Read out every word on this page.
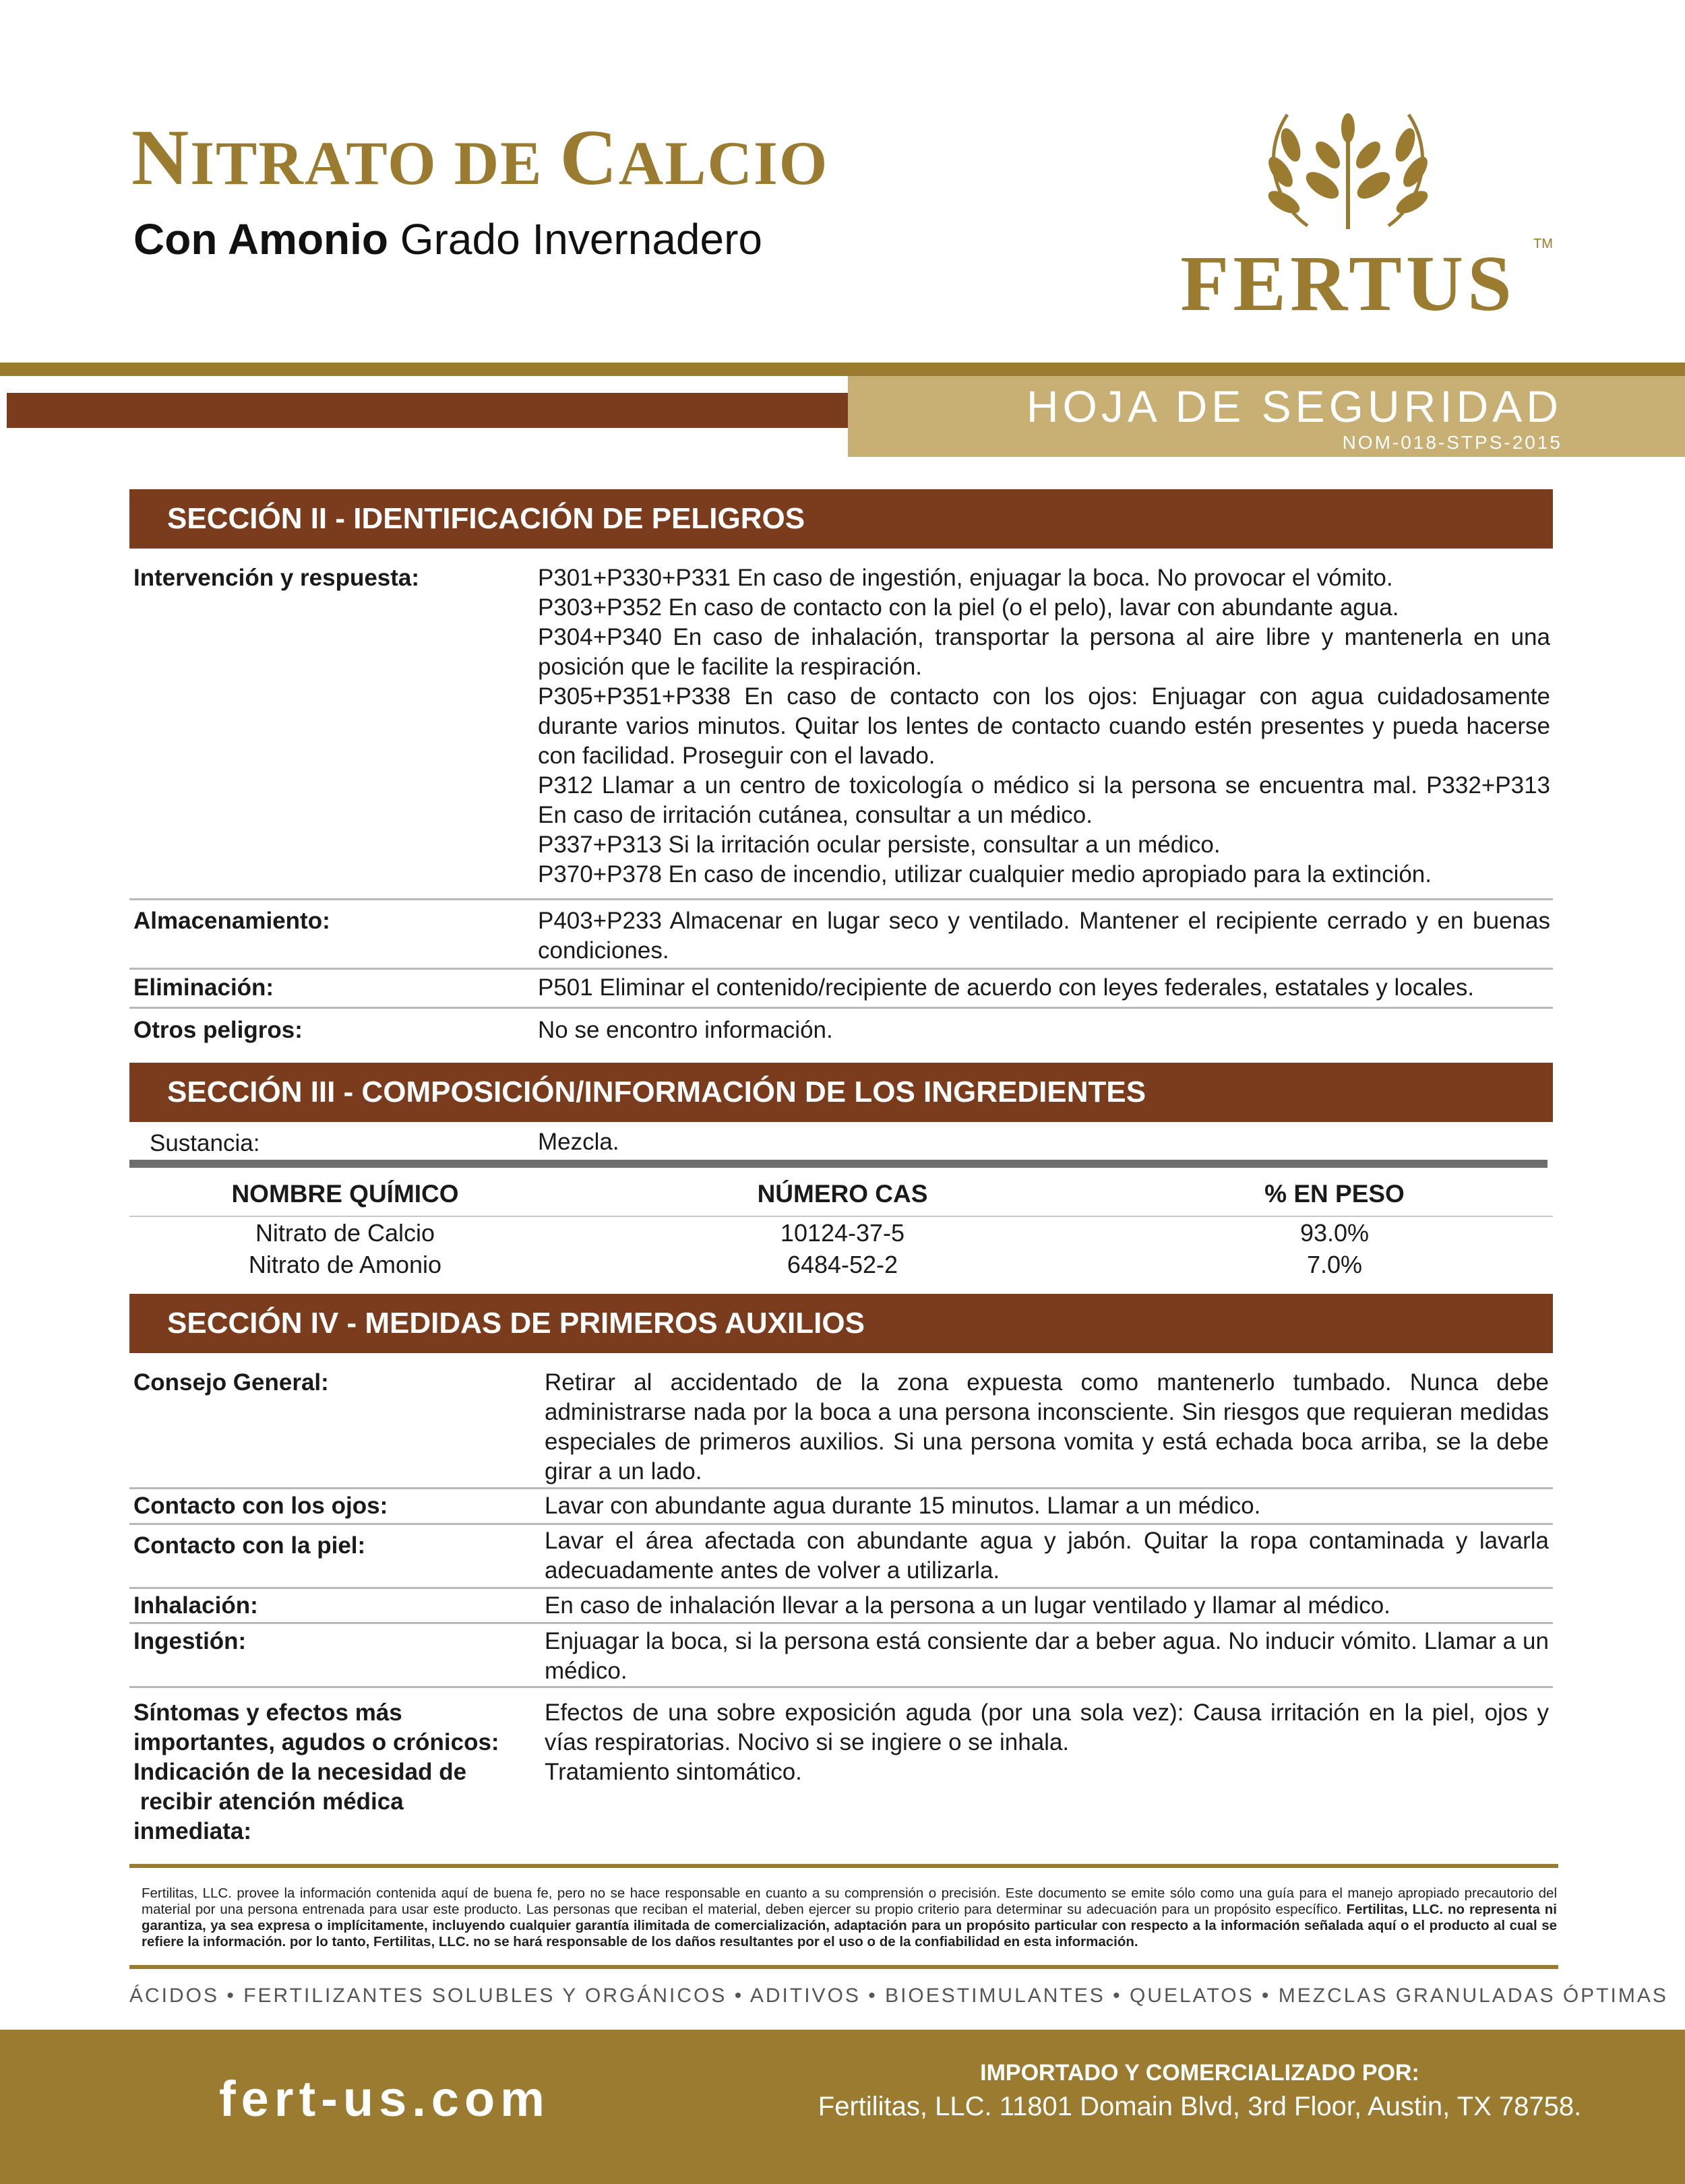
NITRATO DE CALCIO
Con Amonio Grado Invernadero	FERTUS TM
HOJA DE SEGURIDAD
NOM-018-STPS-2015
SECCIÓN II - IDENTIFICACIÓN DE PELIGROS
Intervención y respuesta:	P301+P330+P331 En caso de ingestión, enjuagar la boca. No provocar el vómito.
P303+P352 En caso de contacto con la piel (o el pelo), lavar con abundante agua.
P304+P340 En caso de inhalación, transportar la persona al aire libre y mantenerla en una posición que le facilite la respiración.
P305+P351+P338 En caso de contacto con los ojos: Enjuagar con agua cuidadosamente durante varios minutos. Quitar los lentes de contacto cuando estén presentes y pueda hacerse con facilidad. Proseguir con el lavado.
P312 Llamar a un centro de toxicología o médico si la persona se encuentra mal. P332+P313 En caso de irritación cutánea, consultar a un médico.
P337+P313 Si la irritación ocular persiste, consultar a un médico.
P370+P378 En caso de incendio, utilizar cualquier medio apropiado para la extinción.
Almacenamiento:	P403+P233 Almacenar en lugar seco y ventilado. Mantener el recipiente cerrado y en buenas condiciones.
Eliminación:	P501 Eliminar el contenido/recipiente de acuerdo con leyes federales, estatales y locales.
Otros peligros:	No se encontro información.
SECCIÓN III - COMPOSICIÓN/INFORMACIÓN DE LOS INGREDIENTES
Sustancia:	Mezcla.
NOMBRE QUÍMICO	NÚMERO CAS	% EN PESO
Nitrato de Calcio	10124-37-5	93.0%
Nitrato de Amonio	6484-52-2	7.0%
SECCIÓN IV - MEDIDAS DE PRIMEROS AUXILIOS
Consejo General:	Retirar al accidentado de la zona expuesta como mantenerlo tumbado. Nunca debe administrarse nada por la boca a una persona inconsciente. Sin riesgos que requieran medidas especiales de primeros auxilios. Si una persona vomita y está echada boca arriba, se la debe girar a un lado.
Contacto con los ojos:	Lavar con abundante agua durante 15 minutos. Llamar a un médico.
Contacto con la piel:	Lavar el área afectada con abundante agua y jabón. Quitar la ropa contaminada y lavarla adecuadamente antes de volver a utilizarla.
Inhalación:	En caso de inhalación llevar a la persona a un lugar ventilado y llamar al médico.
Ingestión:	Enjuagar la boca, si la persona está consiente dar a beber agua. No inducir vómito. Llamar a un médico.
Síntomas y efectos más
importantes, agudos o crónicos:
Indicación de la necesidad de
recibir atención médica
inmediata:
Efectos de una sobre exposición aguda (por una sola vez): Causa irritación en la piel, ojos y vías respiratorias. Nocivo si se ingiere o se inhala.
Tratamiento sintomático.
Fertilitas, LLC. provee la información contenida aquí de buena fe, pero no se hace responsable en cuanto a su comprensión o precisión. Este documento se emite sólo como una guía para el manejo apropiado precautorio del material por una persona entrenada para usar este producto. Las personas que reciban el material, deben ejercer su propio criterio para determinar su adecuación para un propósito específico. Fertilitas, LLC. no representa ni garantiza, ya sea expresa o implícitamente, incluyendo cualquier garantía ilimitada de comercialización, adaptación para un propósito particular con respecto a la información señalada aquí o el producto al cual se refiere la información. por lo tanto, Fertilitas, LLC. no se hará responsable de los daños resultantes por el uso o de la confiabilidad en esta información.
ÁCIDOS • FERTILIZANTES SOLUBLES Y ORGÁNICOS • ADITIVOS • BIOESTIMULANTES • QUELATOS • MEZCLAS GRANULADAS ÓPTIMAS
fert-us.com	IMPORTADO Y COMERCIALIZADO POR:
Fertilitas, LLC. 11801 Domain Blvd, 3rd Floor, Austin, TX 78758.
